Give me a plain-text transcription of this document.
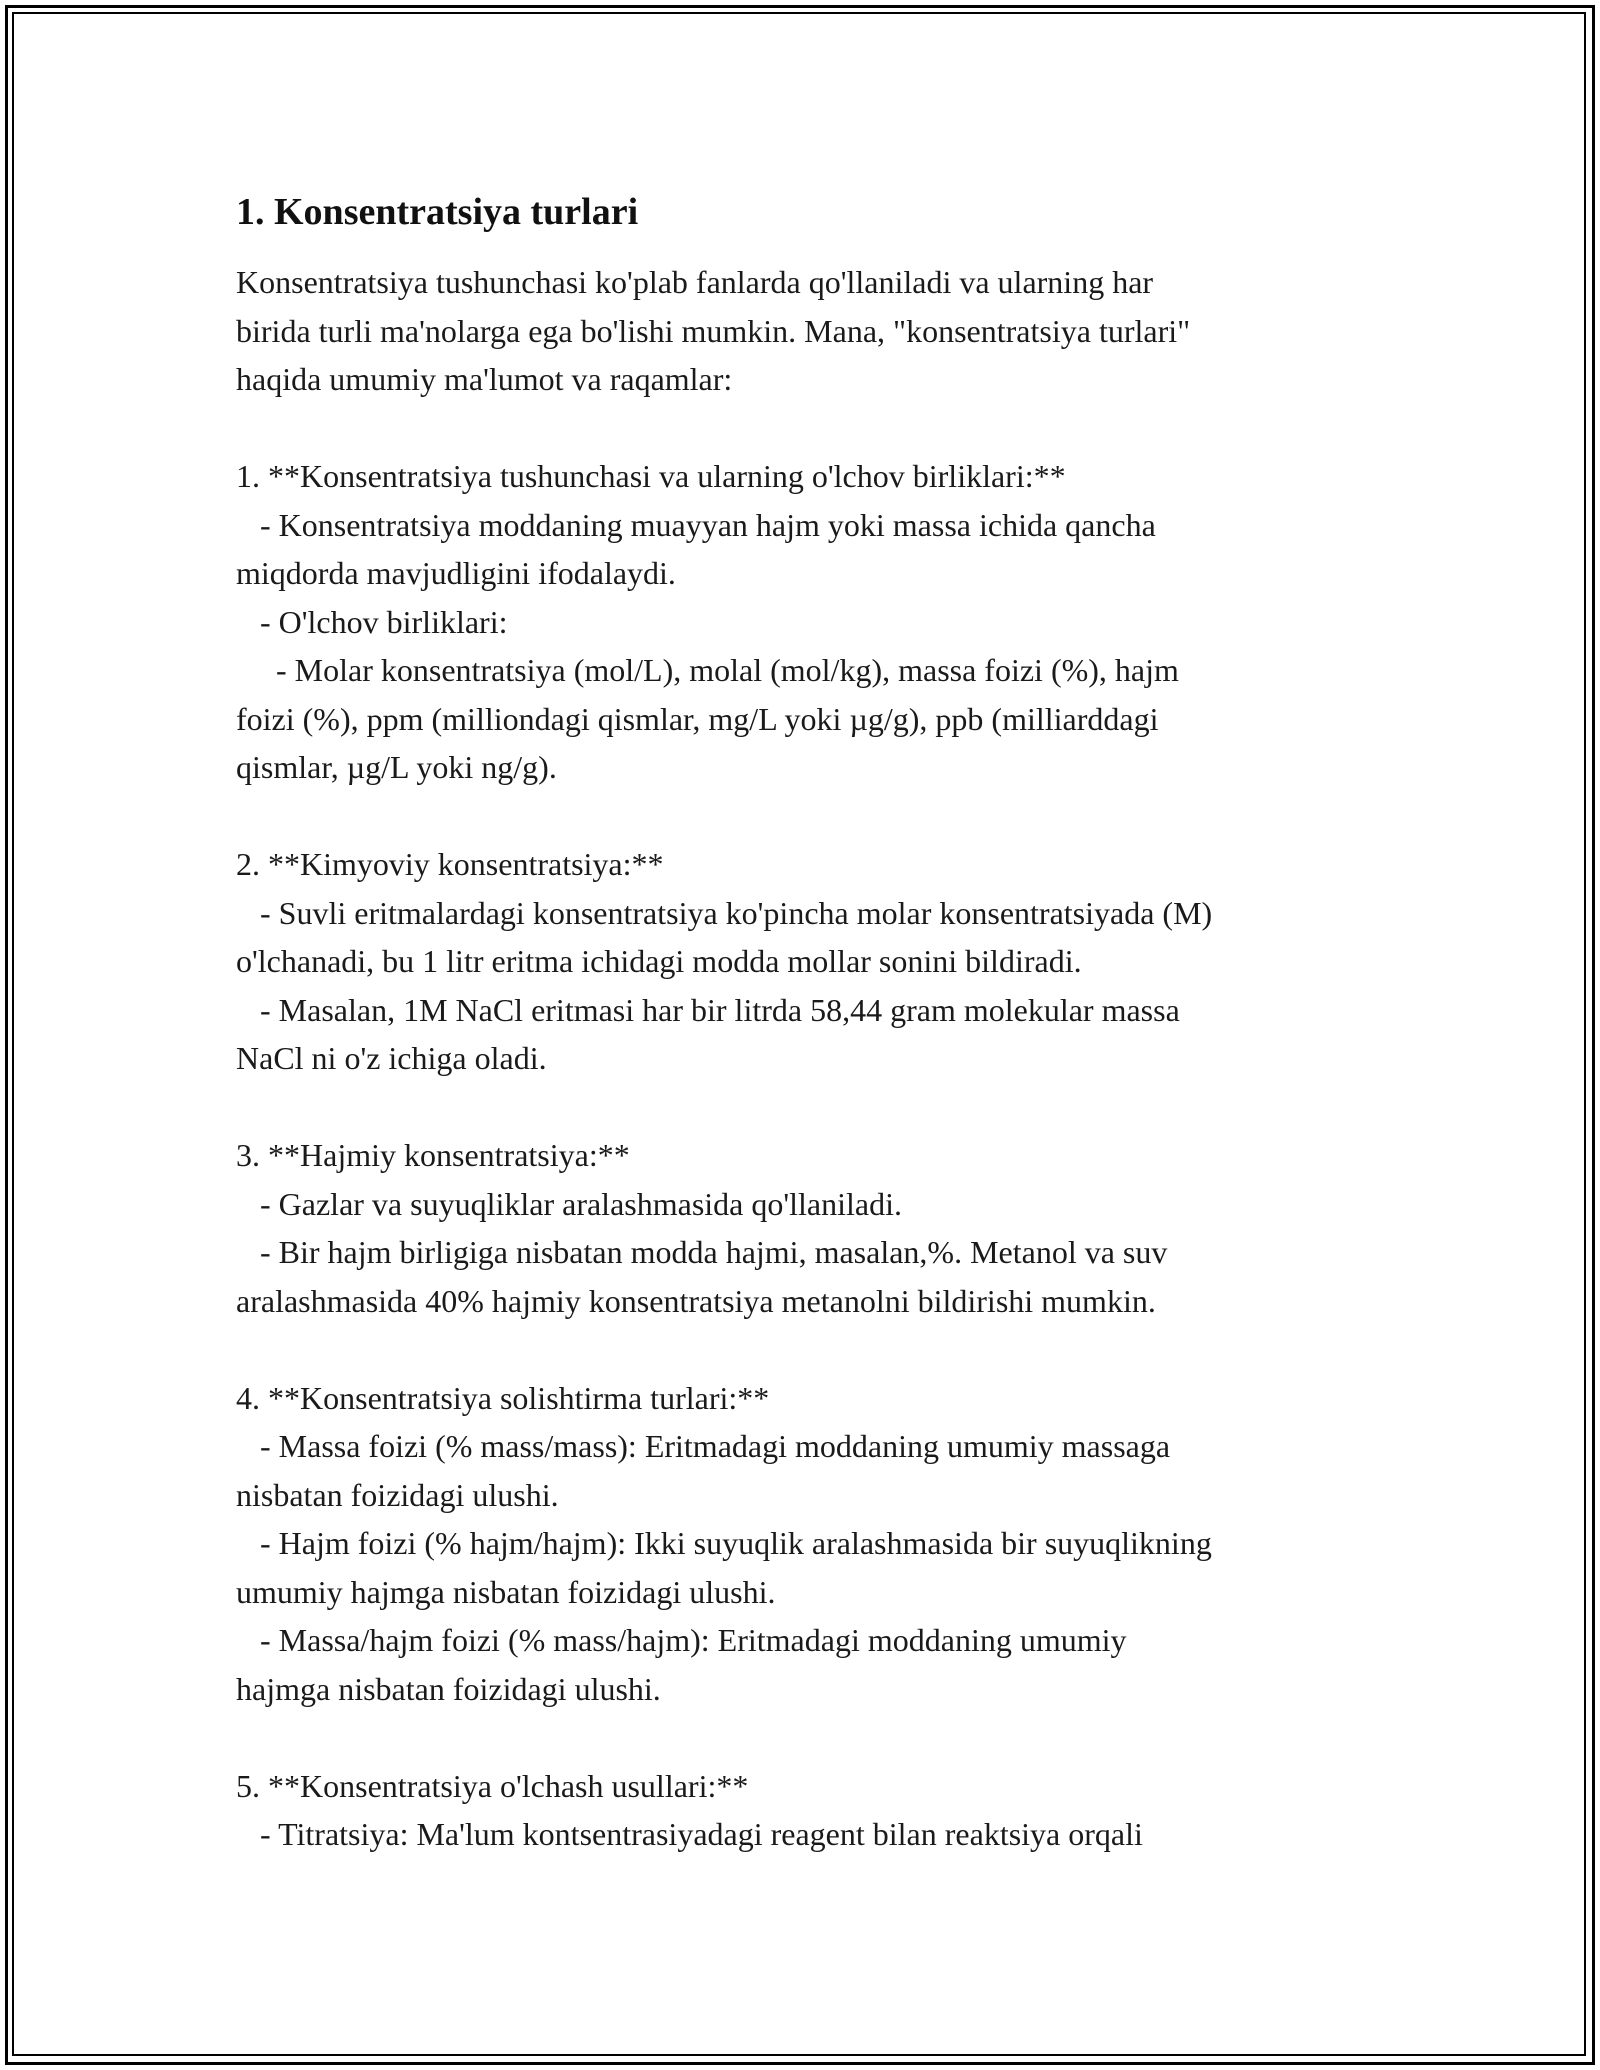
1. Konsentratsiya turlari

Konsentratsiya tushunchasi ko'plab fanlarda qo'llaniladi va ularning har

birida turli ma'nolarga ega bo'lishi mumkin. Mana, "konsentratsiya turlari"

haqida umumiy ma'lumot va raqamlar:

1. **Konsentratsiya tushunchasi va ularning o'lchov birliklari:**

- Konsentratsiya moddaning muayyan hajm yoki massa ichida qancha

miqdorda mavjudligini ifodalaydi.

- O'lchov birliklari:

- Molar konsentratsiya (mol/L), molal (mol/kg), massa foizi (%), hajm

foizi (%), ppm (milliondagi qismlar, mg/L yoki µg/g), ppb (milliarddagi

qismlar, µg/L yoki ng/g).

2. **Kimyoviy konsentratsiya:**

- Suvli eritmalardagi konsentratsiya ko'pincha molar konsentratsiyada (M)

o'lchanadi, bu 1 litr eritma ichidagi modda mollar sonini bildiradi.

- Masalan, 1M NaCl eritmasi har bir litrda 58,44 gram molekular massa

NaCl ni o'z ichiga oladi.

3. **Hajmiy konsentratsiya:**

- Gazlar va suyuqliklar aralashmasida qo'llaniladi.

- Bir hajm birligiga nisbatan modda hajmi, masalan,%. Metanol va suv

aralashmasida 40% hajmiy konsentratsiya metanolni bildirishi mumkin.

4. **Konsentratsiya solishtirma turlari:**

- Massa foizi (% mass/mass): Eritmadagi moddaning umumiy massaga

nisbatan foizidagi ulushi.

- Hajm foizi (% hajm/hajm): Ikki suyuqlik aralashmasida bir suyuqlikning

umumiy hajmga nisbatan foizidagi ulushi.

- Massa/hajm foizi (% mass/hajm): Eritmadagi moddaning umumiy

hajmga nisbatan foizidagi ulushi.

5. **Konsentratsiya o'lchash usullari:**

- Titratsiya: Ma'lum kontsentrasiyadagi reagent bilan reaktsiya orqali
